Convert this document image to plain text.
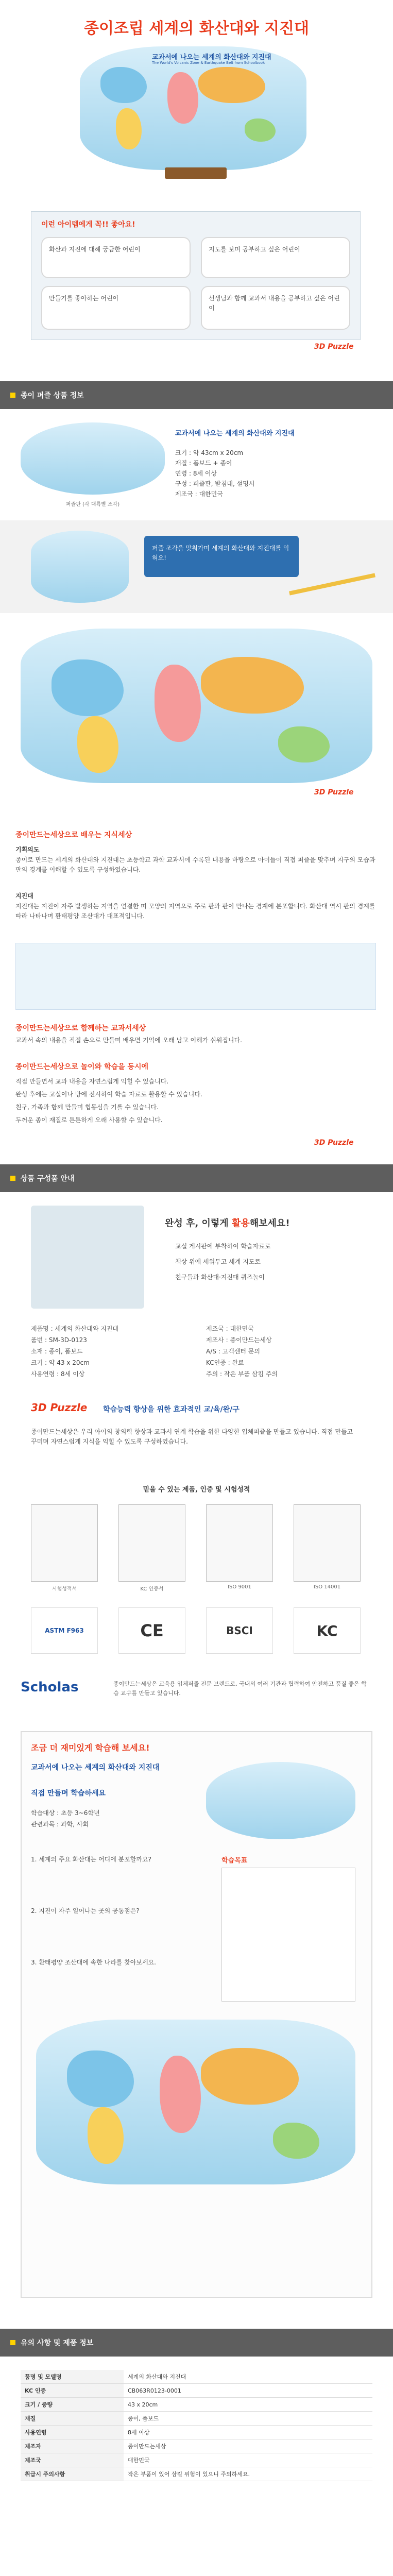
종이조립 세계의 화산대와 지진대
교과서에 나오는 세계의 화산대와 지진대
The World's Volcanic Zone & Earthquake Belt from Schoolbook
이런 아이템에게 꼭!! 좋아요!
화산과 지진에 대해 궁금한 어린이	지도를 보며 공부하고 싶은 어린이
만들기를 좋아하는 어린이	선생님과 함께 교과서 내용을 공부하고 싶은 어린이
3D Puzzle
종이 퍼즐 상품 정보
교과서에 나오는 세계의 화산대와 지진대
크기 : 약 43cm x 20cm
재질 : 폼보드 + 종이
연령 : 8세 이상
구성 : 퍼즐판, 받침대, 설명서
제조국 : 대한민국
퍼즐판 (각 대륙별 조각)
퍼즐 조각을 맞춰가며 세계의 화산대와 지진대를 익혀요!
3D Puzzle
종이만드는세상으로 배우는 지식세상
기획의도
종이로 만드는 세계의 화산대와 지진대는 초등학교 과학 교과서에 수록된 내용을 바탕으로 아이들이 직접 퍼즐을 맞추며 지구의 모습과 판의 경계를 이해할 수 있도록 구성하였습니다.
지진대
지진대는 지진이 자주 발생하는 지역을 연결한 띠 모양의 지역으로 주로 판과 판이 만나는 경계에 분포합니다. 화산대 역시 판의 경계를 따라 나타나며 환태평양 조산대가 대표적입니다.
종이만드는세상으로 함께하는 교과서세상
교과서 속의 내용을 직접 손으로 만들며 배우면 기억에 오래 남고 이해가 쉬워집니다.
종이만드는세상으로 놀이와 학습을 동시에
직접 만들면서 교과 내용을 자연스럽게 익힐 수 있습니다.
완성 후에는 교실이나 방에 전시하여 학습 자료로 활용할 수 있습니다.
친구, 가족과 함께 만들며 협동심을 기를 수 있습니다.
두꺼운 종이 재질로 튼튼하게 오래 사용할 수 있습니다.
3D Puzzle
상품 구성품 안내
완성 후, 이렇게 활용해보세요!
교실 게시판에 부착하여 학습자료로
책상 위에 세워두고 세계 지도로
친구들과 화산대·지진대 퀴즈놀이
제품명 : 세계의 화산대와 지진대
품번 : SM-3D-0123
소재 : 종이, 폼보드
크기 : 약 43 x 20cm
사용연령 : 8세 이상
제조국 : 대한민국
제조사 : 종이만드는세상
A/S : 고객센터 문의
KC인증 : 완료
주의 : 작은 부품 삼킴 주의
3D Puzzle 학습능력 향상을 위한 효과적인 교/육/완/구
종이만드는세상은 우리 아이의 창의력 향상과 교과서 연계 학습을 위한 다양한 입체퍼즐을 만들고 있습니다. 직접 만들고 꾸미며 자연스럽게 지식을 익힐 수 있도록 구성하였습니다.
믿을 수 있는 제품, 인증 및 시험성적
시험성적서	KC 인증서	ISO 9001	ISO 14001
ASTM F963	CE	BSCI	KC
Scholas	종이만드는세상은 교육용 입체퍼즐 전문 브랜드로, 국내외 여러 기관과 협력하여 안전하고 품질 좋은 학습 교구를 만들고 있습니다.
조금 더 재미있게 학습해 보세요!
교과서에 나오는 세계의 화산대와 지진대
직접 만들며 학습하세요
학습대상 : 초등 3~6학년
관련과목 : 과학, 사회
학습목표
1. 세계의 주요 화산대는 어디에 분포할까요?
2. 지진이 자주 일어나는 곳의 공통점은?
3. 환태평양 조산대에 속한 나라를 찾아보세요.
유의 사항 및 제품 정보
품명 및 모델명	세계의 화산대와 지진대
KC 인증	CB063R0123-0001
크기 / 중량	43 x 20cm
재질	종이, 폼보드
사용연령	8세 이상
제조자	종이만드는세상
제조국	대한민국
취급시 주의사항	작은 부품이 있어 삼킬 위험이 있으니 주의하세요.
